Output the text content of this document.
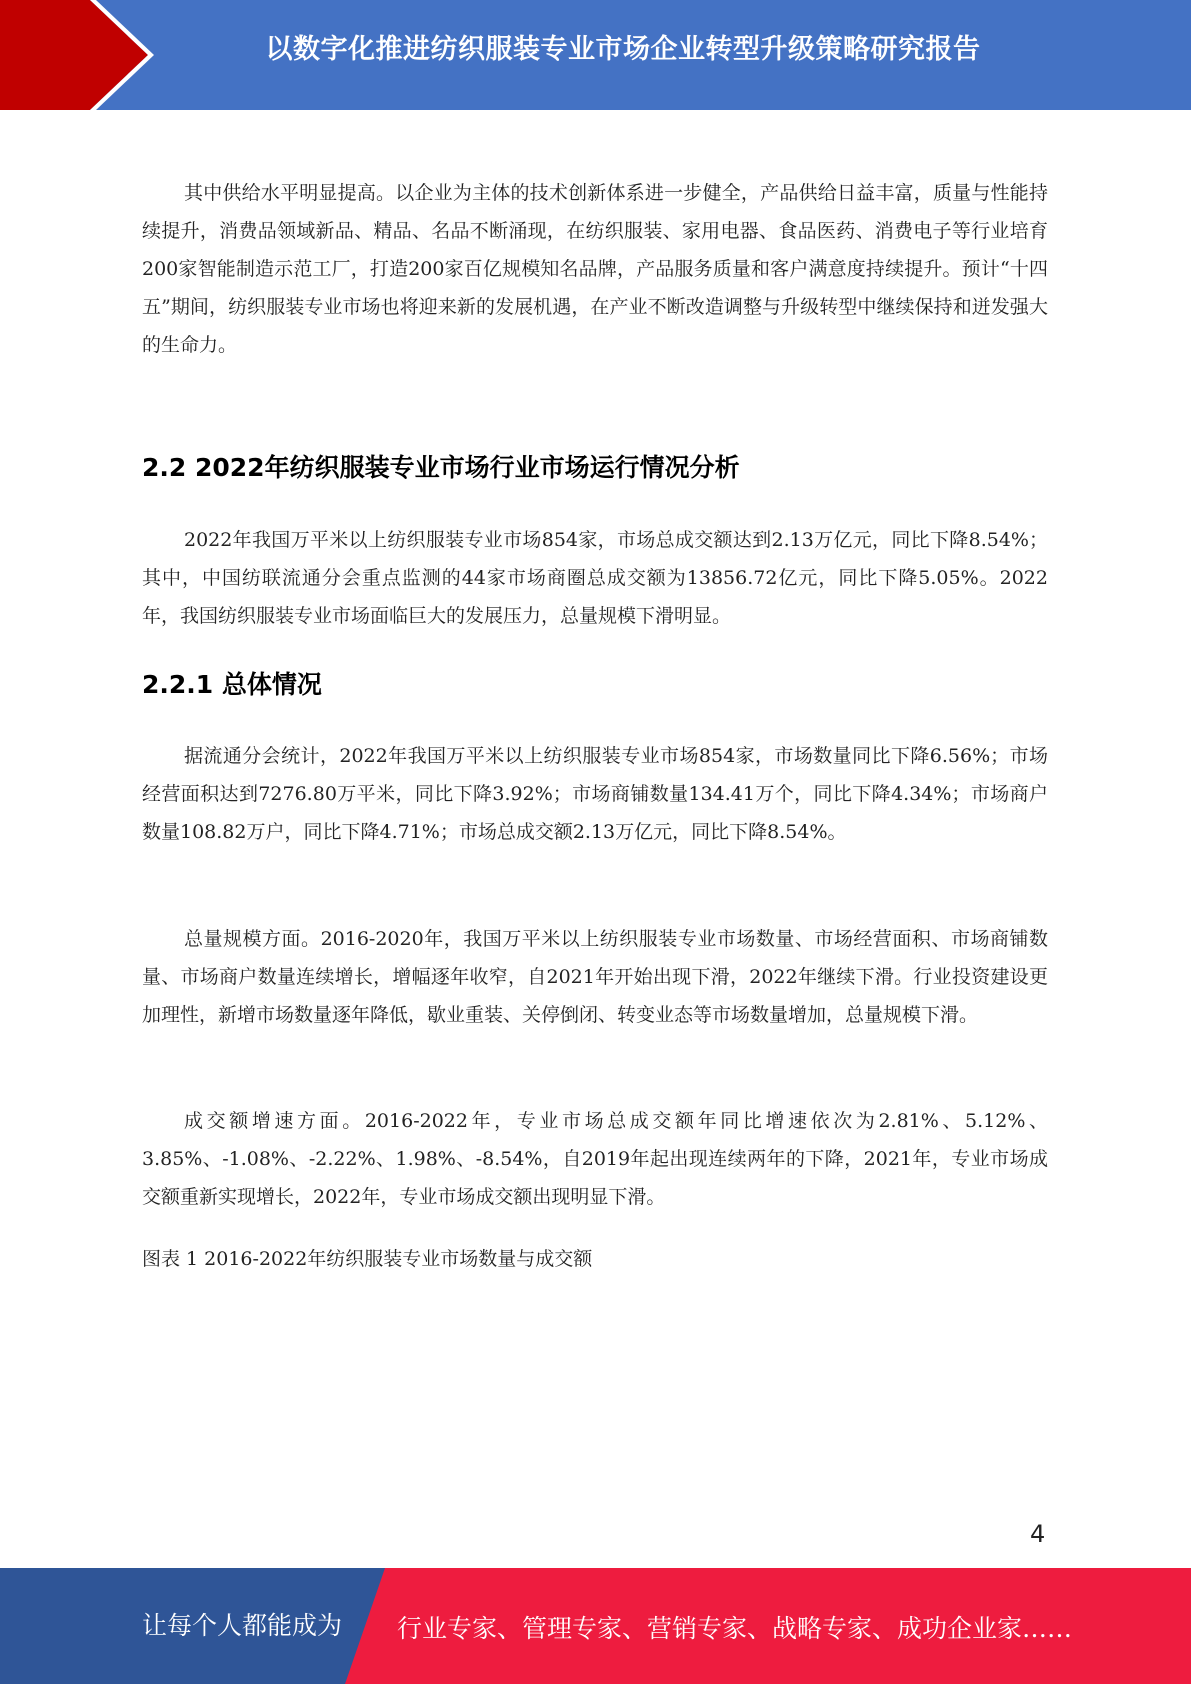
以数字化推进纺织服装专业市场企业转型升级策略研究报告

其中供给水平明显提高。以企业为主体的技术创新体系进一步健全，产品供给日益丰富，质量与性能持续提升，消费品领域新品、精品、名品不断涌现，在纺织服装、家用电器、食品医药、消费电子等行业培育200家智能制造示范工厂，打造200家百亿规模知名品牌，产品服务质量和客户满意度持续提升。预计“十四五”期间，纺织服装专业市场也将迎来新的发展机遇，在产业不断改造调整与升级转型中继续保持和迸发强大的生命力。

2.2 2022年纺织服装专业市场行业市场运行情况分析

2022年我国万平米以上纺织服装专业市场854家，市场总成交额达到2.13万亿元，同比下降8.54%；其中，中国纺联流通分会重点监测的44家市场商圈总成交额为13856.72亿元，同比下降5.05%。2022年，我国纺织服装专业市场面临巨大的发展压力，总量规模下滑明显。

2.2.1 总体情况

据流通分会统计，2022年我国万平米以上纺织服装专业市场854家，市场数量同比下降6.56%；市场经营面积达到7276.80万平米，同比下降3.92%；市场商铺数量134.41万个，同比下降4.34%；市场商户数量108.82万户，同比下降4.71%；市场总成交额2.13万亿元，同比下降8.54%。

总量规模方面。2016-2020年，我国万平米以上纺织服装专业市场数量、市场经营面积、市场商铺数量、市场商户数量连续增长，增幅逐年收窄，自2021年开始出现下滑，2022年继续下滑。行业投资建设更加理性，新增市场数量逐年降低，歇业重装、关停倒闭、转变业态等市场数量增加，总量规模下滑。

成交额增速方面。2016-2022年，专业市场总成交额年同比增速依次为2.81%、5.12%、3.85%、-1.08%、-2.22%、1.98%、-8.54%，自2019年起出现连续两年的下降，2021年，专业市场成交额重新实现增长，2022年，专业市场成交额出现明显下滑。

图表 1 2016-2022年纺织服装专业市场数量与成交额

4
让每个人都能成为 行业专家、管理专家、营销专家、战略专家、成功企业家……
